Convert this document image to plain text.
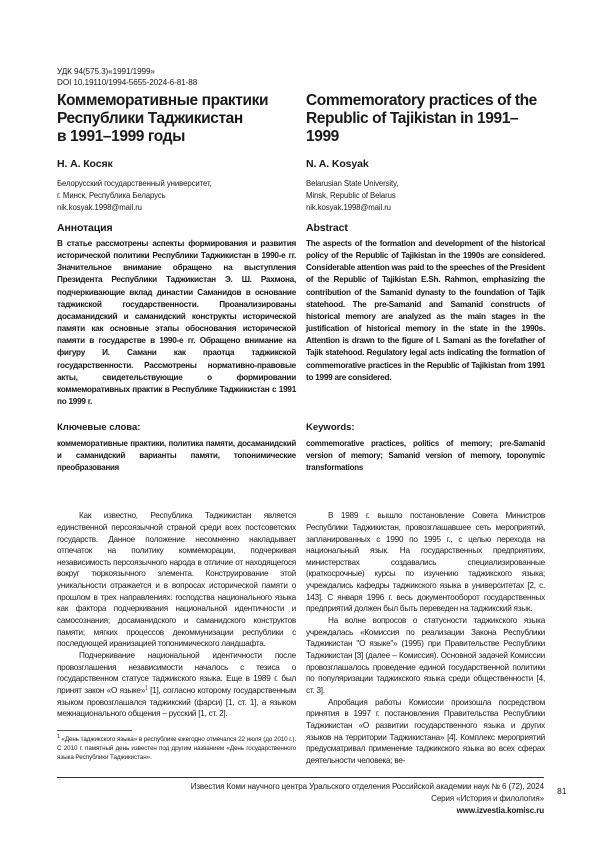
УДК 94(575.3)«1991/1999»
DOI 10.19110/1994-5655-2024-6-81-88
Коммеморативные практики
Республики Таджикистан
в 1991–1999 годы
Н. А. Косяк
Белорусский государственный университет,
г. Минск, Республика Беларусь
nik.kosyak.1998@mail.ru
Аннотация
В статье рассмотрены аспекты формирования и развития исторической политики Республики Таджикистан в 1990-е гг. Значительное внимание обращено на выступления Президента Республики Таджикистан Э. Ш. Рахмона, подчеркивающие вклад династии Саманидов в основание таджикской государственности. Проанализированы досаманидский и саманидский конструкты исторической памяти как основные этапы обоснования исторической памяти в государстве в 1990-е гг. Обращено внимание на фигуру И. Самани как праотца таджикской государственности. Рассмотрены нормативно-правовые акты, свидетельствующие о формировании коммеморативных практик в Республике Таджикистан с 1991 по 1999 г.
Commemoratory practices of the
Republic of Tajikistan in 1991–1999
N. A. Kosyak
Belarusian State University,
Minsk, Republic of Belarus
nik.kosyak.1998@mail.ru
Abstract
The aspects of the formation and development of the historical policy of the Republic of Tajikistan in the 1990s are considered. Considerable attention was paid to the speeches of the President of the Republic of Tajikistan E.Sh. Rahmon, emphasizing the contribution of the Samanid dynasty to the foundation of Tajik statehood. The pre-Samanid and Samanid constructs of historical memory are analyzed as the main stages in the justification of historical memory in the state in the 1990s. Attention is drawn to the figure of I. Samani as the forefather of Tajik statehood. Regulatory legal acts indicating the formation of commemorative practices in the Republic of Tajikistan from 1991 to 1999 are considered.
Ключевые слова:
коммеморативные практики, политика памяти, досаманидский и саманидский варианты памяти, топонимические преобразования
Keywords:
commemorative practices, politics of memory; pre-Samanid version of memory; Samanid version of memory, toponymic transformations

Как известно, Республика Таджикистан является единственной персоязычной страной среди всех постсоветских государств. Данное положение несомненно накладывает отпечаток на политику коммеморации, подчеркивая независимость персоязычного народа в отличие от находящегося вокруг тюркоязычного элемента. Конструирование этой уникальности отражается и в вопросах исторической памяти о прошлом в трех направлениях: господства национального языка как фактора подчеркивания национальной идентичности и самосознания; досаманидского и саманидского конструктов памяти; мягких процессов декоммунизации республики с последующей иранизацией топонимического ландшафта.

Подчеркивание национальной идентичности после провозглашения независимости началось с тезиса о государственном статусе таджикского языка. Еще в 1989 г. был принят закон «О языке»1 [1], согласно которому государственным языком провозглашался таджикский (фарси) [1, ст. 1], а языком межнационального общения – русский [1, ст. 2].

1 «День таджикского языка» в республике ежегодно отмечался 22 июля (до 2010 г.). С 2010 г. памятный день известен под другим названием «День государственного языка Республики Таджикистан».

В 1989 г. вышло постановление Совета Министров Республики Таджикистан, провозглашавшее сеть мероприятий, запланированных с 1990 по 1995 г., с целью перехода на национальный язык. На государственных предприятиях, министерствах создавались специализированные (краткосрочные) курсы по изучению таджикского языка; учреждались кафедры таджикского языка в университетах [2, с. 143]. С января 1996 г. весь документооборот государственных предприятий должен был быть переведен на таджикский язык.

На волне вопросов о статусности таджикского языка учреждалась «Комиссия по реализации Закона Республики Таджикистан "О языке"» (1995) при Правительстве Республики Таджикистан [3] (далее – Комиссия). Основной задачей Комиссии провозглашалось проведение единой государственной политики по популяризации таджикского языка среди общественности [4, ст. 3].

Апробация работы Комиссии произошла посредством принятия в 1997 г. постановления Правительства Республики Таджикистан «О развитии государственного языка и других языков на территории Таджикистана» [4]. Комплекс мероприятий предусматривал применение таджикского языка во всех сферах деятельности человека; ве-

Известия Коми научного центра Уральского отделения Российской академии наук № 6 (72), 2024
Серия «История и филология»
www.izvestia.komisc.ru
81
